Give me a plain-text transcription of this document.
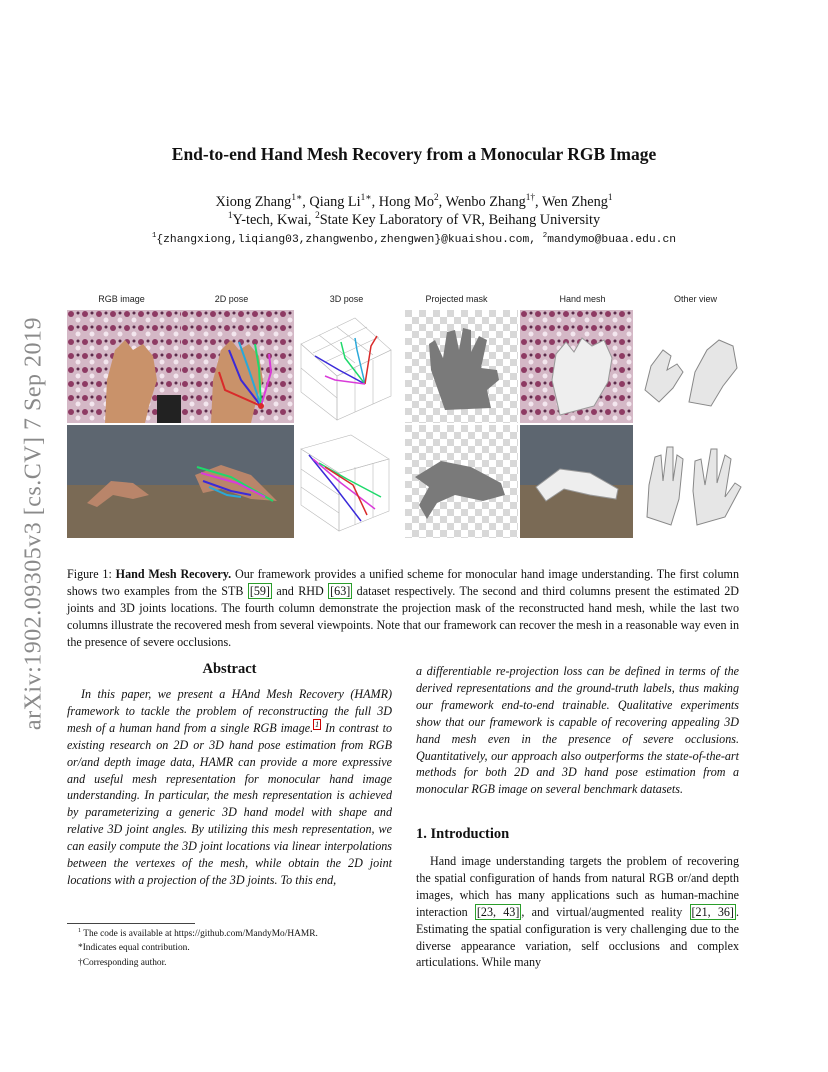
End-to-end Hand Mesh Recovery from a Monocular RGB Image
Xiong Zhang$^{1∗}$, Qiang $Li^{1∗}$, Hong Mo$^2$, Wenbo Zhang$^{1\dagger}$, Wen Zheng$^1$
$^1$Y-tech, Kwai, $^2$State Key Laboratory of VR, Beihang University
$^1${zhangxiong,liqiang03,zhangwenbo,zhengwen}@kuaishou.com, $^2$mandymo@buaa.edu.cn
arXiv:1902.09305v3 [cs.CV] 7 Sep 2019
RGB image	2D pose	3D pose	Projected mask	Hand mesh	Other view
Figure 1: Hand Mesh Recovery. Our framework provides a unified scheme for monocular hand image understanding. The first column shows two examples from the STB [59] and RHD [63] dataset respectively. The second and third columns present the estimated 2D joints and 3D joints locations. The fourth column demonstrate the projection mask of the reconstructed hand mesh, while the last two columns illustrate the recovered mesh from several viewpoints. Note that our framework can recover the mesh in a reasonable way even in the presence of severe occlusions.
Abstract
In this paper, we present a HAnd Mesh Recovery (HAMR) framework to tackle the problem of reconstructing the full 3D mesh of a human hand from a single RGB image. $^1$ In contrast to existing research on 2D or 3D hand pose estimation from RGB or/and depth image data, HAMR can provide a more expressive and useful mesh representation for monocular hand image understanding. In particular, the mesh representation is achieved by parameterizing a generic 3D hand model with shape and relative 3D joint angles. By utilizing this mesh representation, we can easily compute the 3D joint locations via linear interpolations between the vertexes of the mesh, while obtain the 2D joint locations with a projection of the 3D joints. To this end,
a differentiable re-projection loss can be defined in terms of the derived representations and the ground-truth labels, thus making our framework end-to-end trainable. Qualitative experiments show that our framework is capable of recovering appealing 3D hand mesh even in the presence of severe occlusions. Quantitatively, our approach also outperforms the state-of-the-art methods for both 2D and 3D hand pose estimation from a monocular RGB image on several benchmark datasets.
1. Introduction
Hand image understanding targets the problem of recovering the spatial configuration of hands from natural RGB or/and depth images, which has many applications such as human-machine interaction [23, 43] , and virtual/augmented reality [21, 36] . Estimating the spatial configuration is very challenging due to the diverse appearance variation, self occlusions and complex articulations. While many
$^1$ The code is available at https://github.com/MandyMo/HAMR.
*Indicates equal contribution.
†Corresponding author.
